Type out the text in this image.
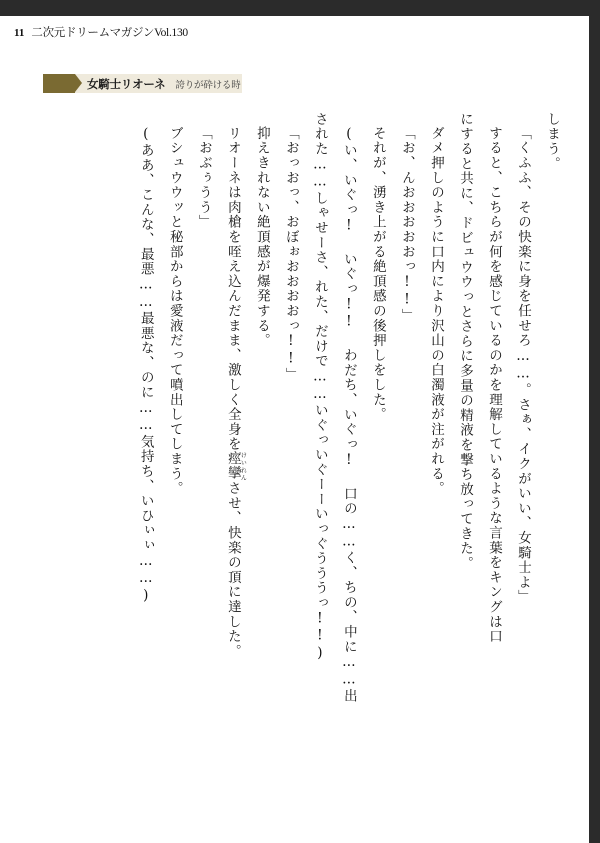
11 二次元ドリームマガジンVol.130
女騎士リオーネ 誇りが砕ける時

しまう。

「くふふ、その快楽に身を任せろ……。さぁ、イクがいい、女騎士よ」

すると、こちらが何を感じているのかを理解しているような言葉をキングは口

にすると共に、ドビュウウっとさらに多量の精液を撃ち放ってきた。

ダメ押しのように口内により沢山の白濁液が注がれる。

「お、んおおおおおっ!!」

それが、湧き上がる絶頂感の後押しをした。

(い、いぐっ! いぐっ!! わだち、いぐっ! 口の……く、ちの、中に……出

された……しゃせーさ、れた、だけで……いぐっいぐーーいっぐうううっ!!)

「おっおっ、おぼぉおおおおっ!!」

抑えきれない絶頂感が爆発する。

リオーネは肉槍を咥え込んだまま、激しく全身を痙攣けいれんさせ、快楽の頂に達した。

「おぶぅうう」

ブシュウウッと秘部からは愛液だって噴出してしまう。

(ああ、こんな、最悪……最悪な、のに……気持ち、いひぃぃ……)
